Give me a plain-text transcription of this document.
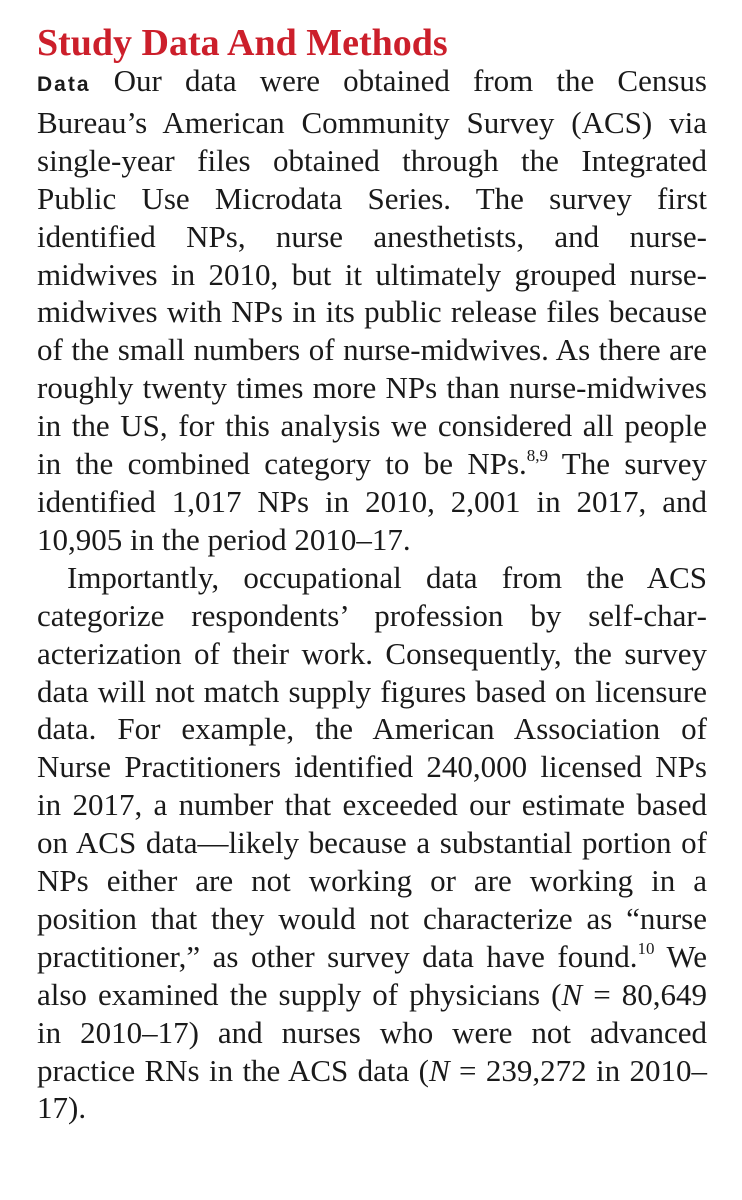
Study Data And Methods

Data Our data were obtained from the Census Bureau’s American Community Survey (ACS) via single-year files obtained through the Integrated Public Use Microdata Series. The survey first identified NPs, nurse anesthetists, and nurse-midwives in 2010, but it ultimately grouped nurse-midwives with NPs in its public release files because of the small numbers of nurse-midwives. As there are roughly twenty times more NPs than nurse-midwives in the US, for this analysis we considered all people in the combined category to be NPs.$^{8,9}$ The survey identified 1,017 NPs in 2010, 2,001 in 2017, and 10,905 in the period 2010–17.

Importantly, occupational data from the ACS categorize respondents’ profession by self-characterization of their work. Consequently, the survey data will not match supply figures based on licensure data. For example, the American Association of Nurse Practitioners identified 240,000 licensed NPs in 2017, a number that exceeded our estimate based on ACS data—likely because a substantial portion of NPs either are not working or are working in a position that they would not characterize as “nurse practitioner,” as other survey data have found.$^{10}$ We also examined the supply of physicians (N = 80,649 in 2010–17) and nurses who were not advanced practice RNs in the ACS data (N = 239,272 in 2010–17).
